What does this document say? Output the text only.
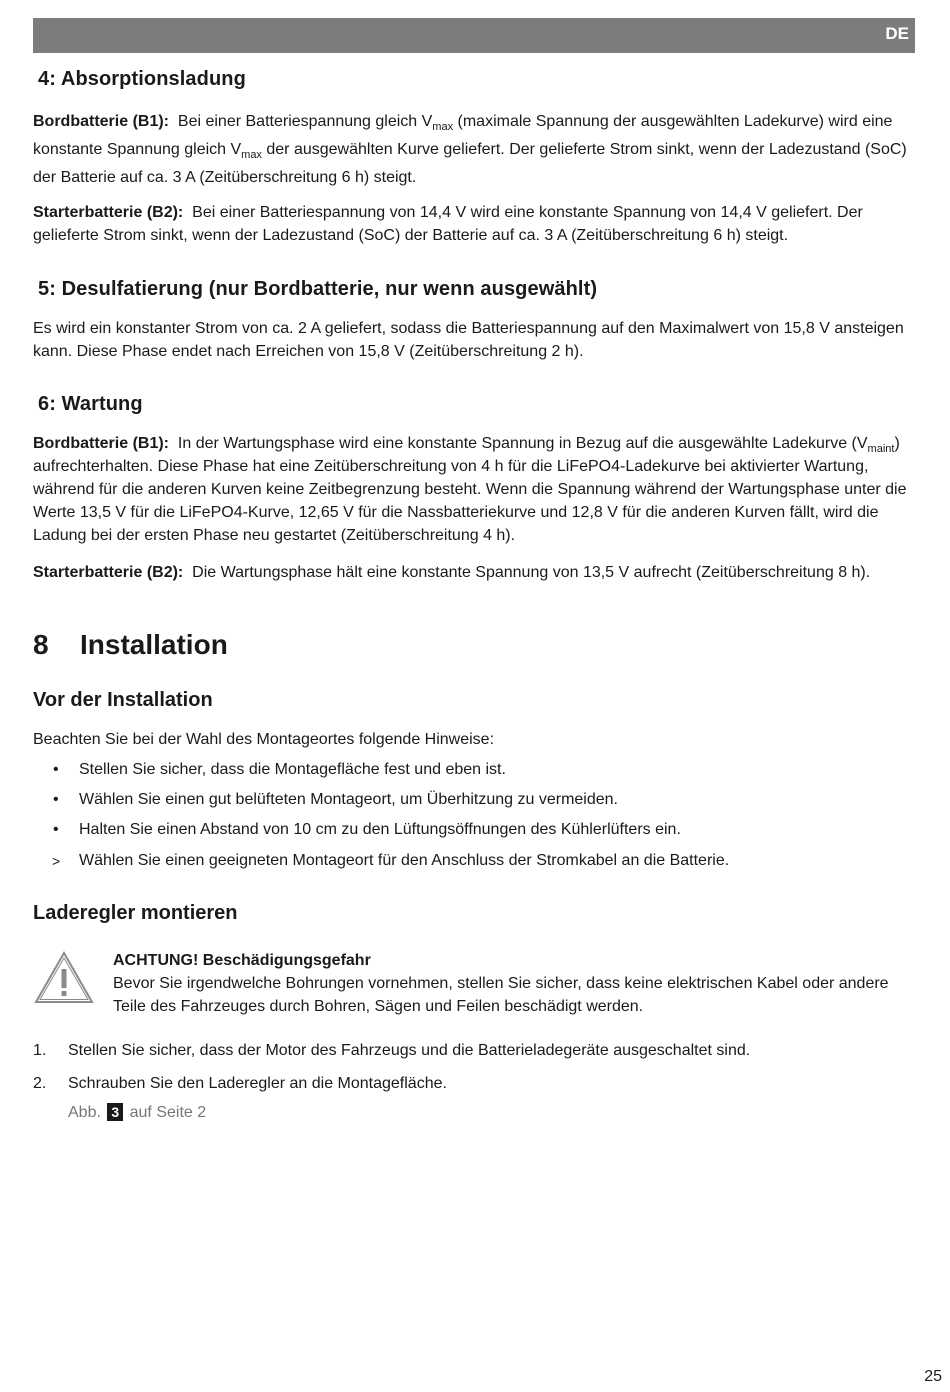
DE
4: Absorptionsladung

Bordbatterie (B1): Bei einer Batteriespannung gleich $V_{max}$ (maximale Spannung der ausgewählten Ladekurve) wird eine konstante Spannung gleich $V_{max}$ der ausgewählten Kurve geliefert. Der gelieferte Strom sinkt, wenn der Ladezustand (SoC) der Batterie auf ca. 3 A (Zeitüberschreitung 6 h) steigt.

Starterbatterie (B2): Bei einer Batteriespannung von 14,4 V wird eine konstante Spannung von 14,4 V geliefert. Der gelieferte Strom sinkt, wenn der Ladezustand (SoC) der Batterie auf ca. 3 A (Zeitüberschreitung 6 h) steigt.

5: Desulfatierung (nur Bordbatterie, nur wenn ausgewählt)

Es wird ein konstanter Strom von ca. 2 A geliefert, sodass die Batteriespannung auf den Maximalwert von 15,8 V ansteigen kann. Diese Phase endet nach Erreichen von 15,8 V (Zeitüberschreitung 2 h).

6: Wartung

Bordbatterie (B1): In der Wartungsphase wird eine konstante Spannung in Bezug auf die ausgewählte Ladekurve $(V_{maint})$ aufrechterhalten. Diese Phase hat eine Zeitüberschreitung von 4 h für die LiFePO4-Ladekurve bei aktivierter Wartung, während für die anderen Kurven keine Zeitbegrenzung besteht. Wenn die Spannung während der Wartungsphase unter die Werte 13,5 V für die LiFePO4-Kurve, 12,65 V für die Nassbatteriekurve und 12,8 V für die anderen Kurven fällt, wird die Ladung bei der ersten Phase neu gestartet (Zeitüberschreitung 4 h).

Starterbatterie (B2): Die Wartungsphase hält eine konstante Spannung von 13,5 V aufrecht (Zeitüberschreitung 8 h).

8 Installation
Vor der Installation

Beachten Sie bei der Wahl des Montageortes folgende Hinweise:

• Stellen Sie sicher, dass die Montagefläche fest und eben ist.
• Wählen Sie einen gut belüfteten Montageort, um Überhitzung zu vermeiden.
• Halten Sie einen Abstand von 10 cm zu den Lüftungsöffnungen des Kühlerlüfters ein.
> Wählen Sie einen geeigneten Montageort für den Anschluss der Stromkabel an die Batterie.
Laderegler montieren
ACHTUNG! Beschädigungsgefahr

Bevor Sie irgendwelche Bohrungen vornehmen, stellen Sie sicher, dass keine elektrischen Kabel oder andere Teile des Fahrzeuges durch Bohren, Sägen und Feilen beschädigt werden.

1. Stellen Sie sicher, dass der Motor des Fahrzeugs und die Batterieladegeräte ausgeschaltet sind.
2. Schrauben Sie den Laderegler an die Montagefläche.
Abb. 3 auf Seite 2
25
